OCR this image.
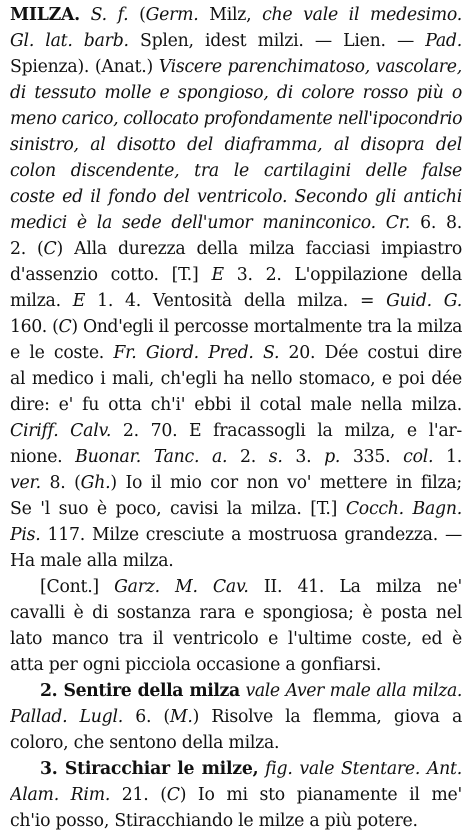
MILZA. S. f. (Germ. Milz, che vale il medesimo.
Gl. lat. barb. Splen, idest milzi. — Lien. — Pad.
Spienza). (Anat.) Viscere parenchimatoso, vascolare,
di tessuto molle e spongioso, di colore rosso più o
meno carico, collocato profondamente nell'ipocondrio
sinistro, al disotto del diaframma, al disopra del
colon discendente, tra le cartilagini delle false
coste ed il fondo del ventricolo. Secondo gli antichi
medici è la sede dell'umor maninconico. Cr. 6. 8.
2. (C) Alla durezza della milza facciasi impiastro
d'assenzio cotto. [T.] E 3. 2. L'oppilazione della
milza. E 1. 4. Ventosità della milza. = Guid. G.
160. (C) Ond'egli il percosse mortalmente tra la milza
e le coste. Fr. Giord. Pred. S. 20. Dée costui dire
al medico i mali, ch'egli ha nello stomaco, e poi dée
dire: e' fu otta ch'i' ebbi il cotal male nella milza.
Ciriff. Calv. 2. 70. E fracassogli la milza, e l'ar-
nione. Buonar. Tanc. a. 2. s. 3. p. 335. col. 1.
ver. 8. (Gh.) Io il mio cor non vo' mettere in filza;
Se 'l suo è poco, cavisi la milza. [T.] Cocch. Bagn.
Pis. 117. Milze cresciute a mostruosa grandezza. —
Ha male alla milza.
[Cont.] Garz. M. Cav. II. 41. La milza ne'
cavalli è di sostanza rara e spongiosa; è posta nel
lato manco tra il ventricolo e l'ultime coste, ed è
atta per ogni picciola occasione a gonfiarsi.
2. Sentire della milza vale Aver male alla milza.
Pallad. Lugl. 6. (M.) Risolve la flemma, giova a
coloro, che sentono della milza.
3. Stiracchiar le milze, fig. vale Stentare. Ant.
Alam. Rim. 21. (C) Io mi sto pianamente il me'
ch'io posso, Stiracchiando le milze a più potere.
